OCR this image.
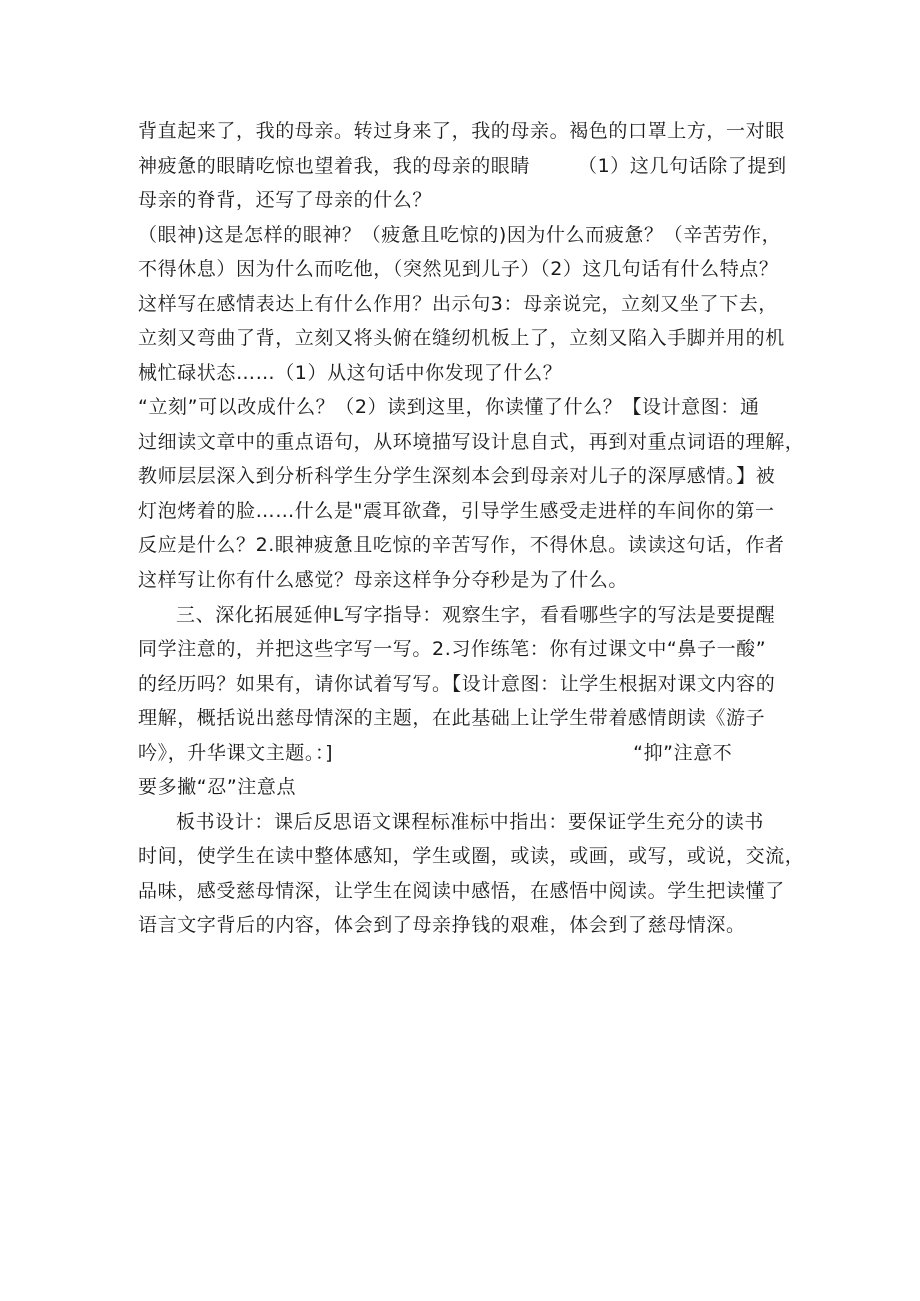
背直起来了，我的母亲。转过身来了，我的母亲。褐色的口罩上方，一对眼
神疲惫的眼睛吃惊也望着我，我的母亲的眼睛	（1）这几句话除了提到
母亲的脊背，还写了母亲的什么？
（眼神)这是怎样的眼神？（疲惫且吃惊的)因为什么而疲惫？（辛苦劳作，
不得休息）因为什么而吃他，（突然见到儿子）（2）这几句话有什么特点？
这样写在感情表达上有什么作用？出示句3：母亲说完，立刻又坐了下去，
立刻又弯曲了背，立刻又将头俯在缝纫机板上了，立刻又陷入手脚并用的机
械忙碌状态……（1）从这句话中你发现了什么？
“立刻”可以改成什么？（2）读到这里，你读懂了什么？【设计意图：通
过细读文章中的重点语句，从环境描写设计息自式，再到对重点词语的理解，
教师层层深入到分析科学生分学生深刻本会到母亲对儿子的深厚感情。】被
灯泡烤着的脸……什么是"震耳欲聋，引导学生感受走进样的车间你的第一
反应是什么？2.眼神疲惫且吃惊的辛苦写作，不得休息。读读这句话，作者
这样写让你有什么感觉？母亲这样争分夺秒是为了什么。
三、深化拓展延伸L写字指导：观察生字，看看哪些字的写法是要提醒
同学注意的，并把这些字写一写。2.习作练笔：你有过课文中“鼻子一酸”
的经历吗？如果有，请你试着写写。【设计意图：让学生根据对课文内容的
理解，概括说出慈母情深的主题，在此基础上让学生带着感情朗读《游子
吟》，升华课文主题。：]	“抑”注意不
要多撇“忍”注意点
板书设计：课后反思语文课程标准标中指出：要保证学生充分的读书
时间，使学生在读中整体感知，学生或圈，或读，或画，或写，或说，交流，
品味，感受慈母情深，让学生在阅读中感悟，在感悟中阅读。学生把读懂了
语言文字背后的内容，体会到了母亲挣钱的艰难，体会到了慈母情深。
